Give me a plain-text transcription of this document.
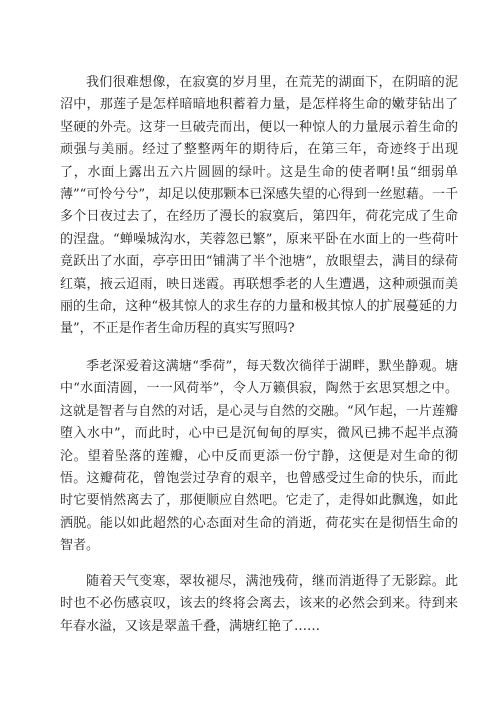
我们很难想像，在寂寞的岁月里，在荒芜的湖面下，在阴暗的泥沼中，那莲子是怎样暗暗地积蓄着力量，是怎样将生命的嫩芽钻出了坚硬的外壳。这芽一旦破壳而出，便以一种惊人的力量展示着生命的顽强与美丽。经过了整整两年的期待后，在第三年，奇迹终于出现了，水面上露出五六片圆圆的绿叶。这是生命的使者啊!虽“细弱单薄”“可怜兮兮”，却足以使那颗本已深感失望的心得到一丝慰藉。一千多个日夜过去了，在经历了漫长的寂寞后，第四年，荷花完成了生命的涅盘。“蝉噪城沟水，芙蓉忽已繁”，原来平卧在水面上的一些荷叶竟跃出了水面，亭亭田田“铺满了半个池塘”，放眼望去，满目的绿荷红蕖，掖云迢雨，映日迷霞。再联想季老的人生遭遇，这种顽强而美丽的生命，这种“极其惊人的求生存的力量和极其惊人的扩展蔓延的力量”，不正是作者生命历程的真实写照吗?

季老深爱着这满塘“季荷”，每天数次徜徉于湖畔，默坐静观。塘中“水面清圆，一一风荷举”，令人万籁俱寂，陶然于玄思冥想之中。这就是智者与自然的对话，是心灵与自然的交融。“风乍起，一片莲瓣堕入水中”，而此时，心中已是沉甸甸的厚实，微风已拂不起半点漪沦。望着坠落的莲瓣，心中反而更添一份宁静，这便是对生命的彻悟。这瓣荷花，曾饱尝过孕育的艰辛，也曾感受过生命的快乐，而此时它要悄然离去了，那便顺应自然吧。它走了，走得如此飘逸，如此洒脱。能以如此超然的心态面对生命的消逝，荷花实在是彻悟生命的智者。

随着天气变寒，翠妆褪尽，满池残荷，继而消逝得了无影踪。此时也不必伤感哀叹，该去的终将会离去，该来的必然会到来。待到来年春水溢，又该是翠盖千叠，满塘红艳了……
